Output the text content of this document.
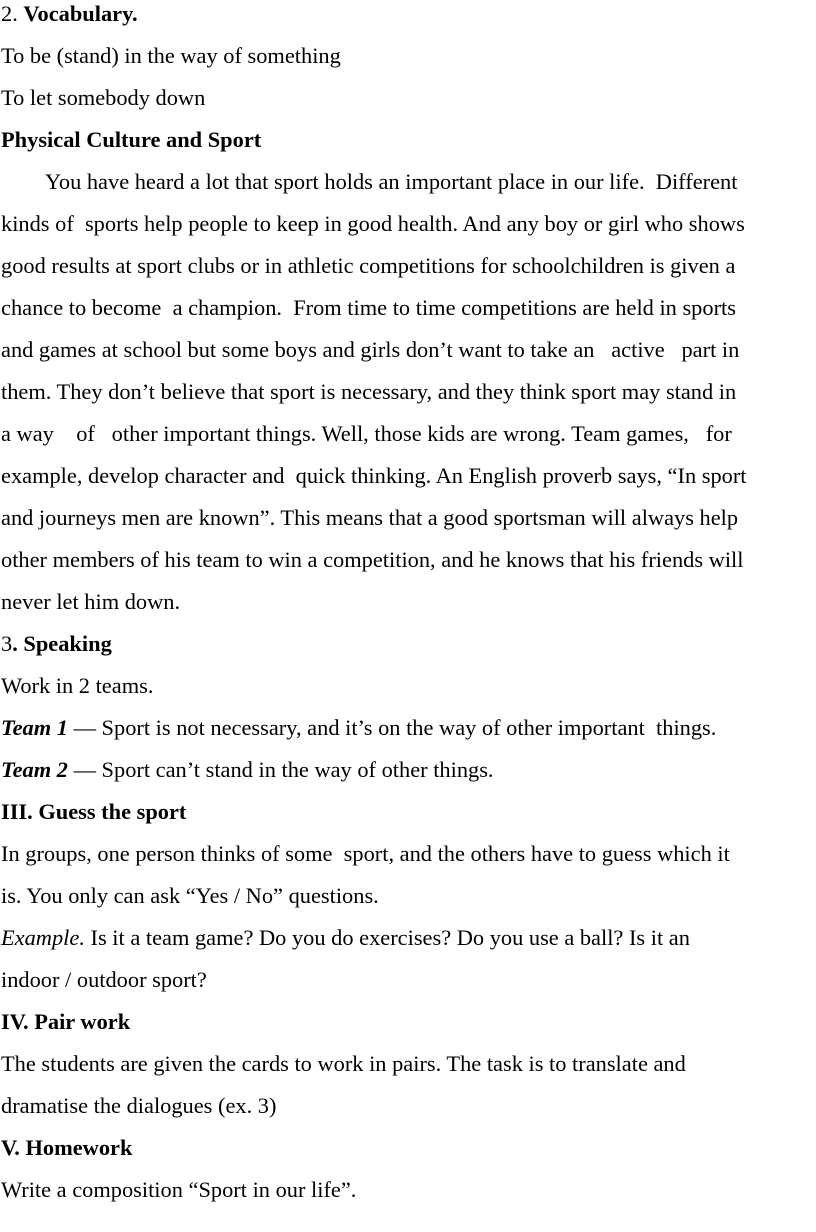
2. Vocabulary.
To be (stand) in the way of something
To let somebody down
Physical Culture and Sport
You have heard a lot that sport holds an important place in our life.  Different
kinds of  sports help people to keep in good health. And any boy or girl who shows
good results at sport clubs or in athletic competitions for schoolchildren is given a
chance to become  a champion.  From time to time competitions are held in sports
and games at school but some boys and girls don’t want to take an   active   part in
them. They don’t believe that sport is necessary, and they think sport may stand in
a way    of   other important things. Well, those kids are wrong. Team games,   for
example, develop character and  quick thinking. An English proverb says, “In sport
and journeys men are known”. This means that a good sportsman will always help
other members of his team to win a competition, and he knows that his friends will
never let him down.
3. Speaking
Work in 2 teams.
Team 1 — Sport is not necessary, and it’s on the way of other important  things.
Team 2 — Sport can’t stand in the way of other things.
III. Guess the sport
In groups, one person thinks of some  sport, and the others have to guess which it
is. You only can ask “Yes / No” questions.
Example. Is it a team game? Do you do exercises? Do you use a ball? Is it an
indoor / outdoor sport?
IV. Pair work
The students are given the cards to work in pairs. The task is to translate and
dramatise the dialogues (ex. 3)
V. Homework
Write a composition “Sport in our life”.
